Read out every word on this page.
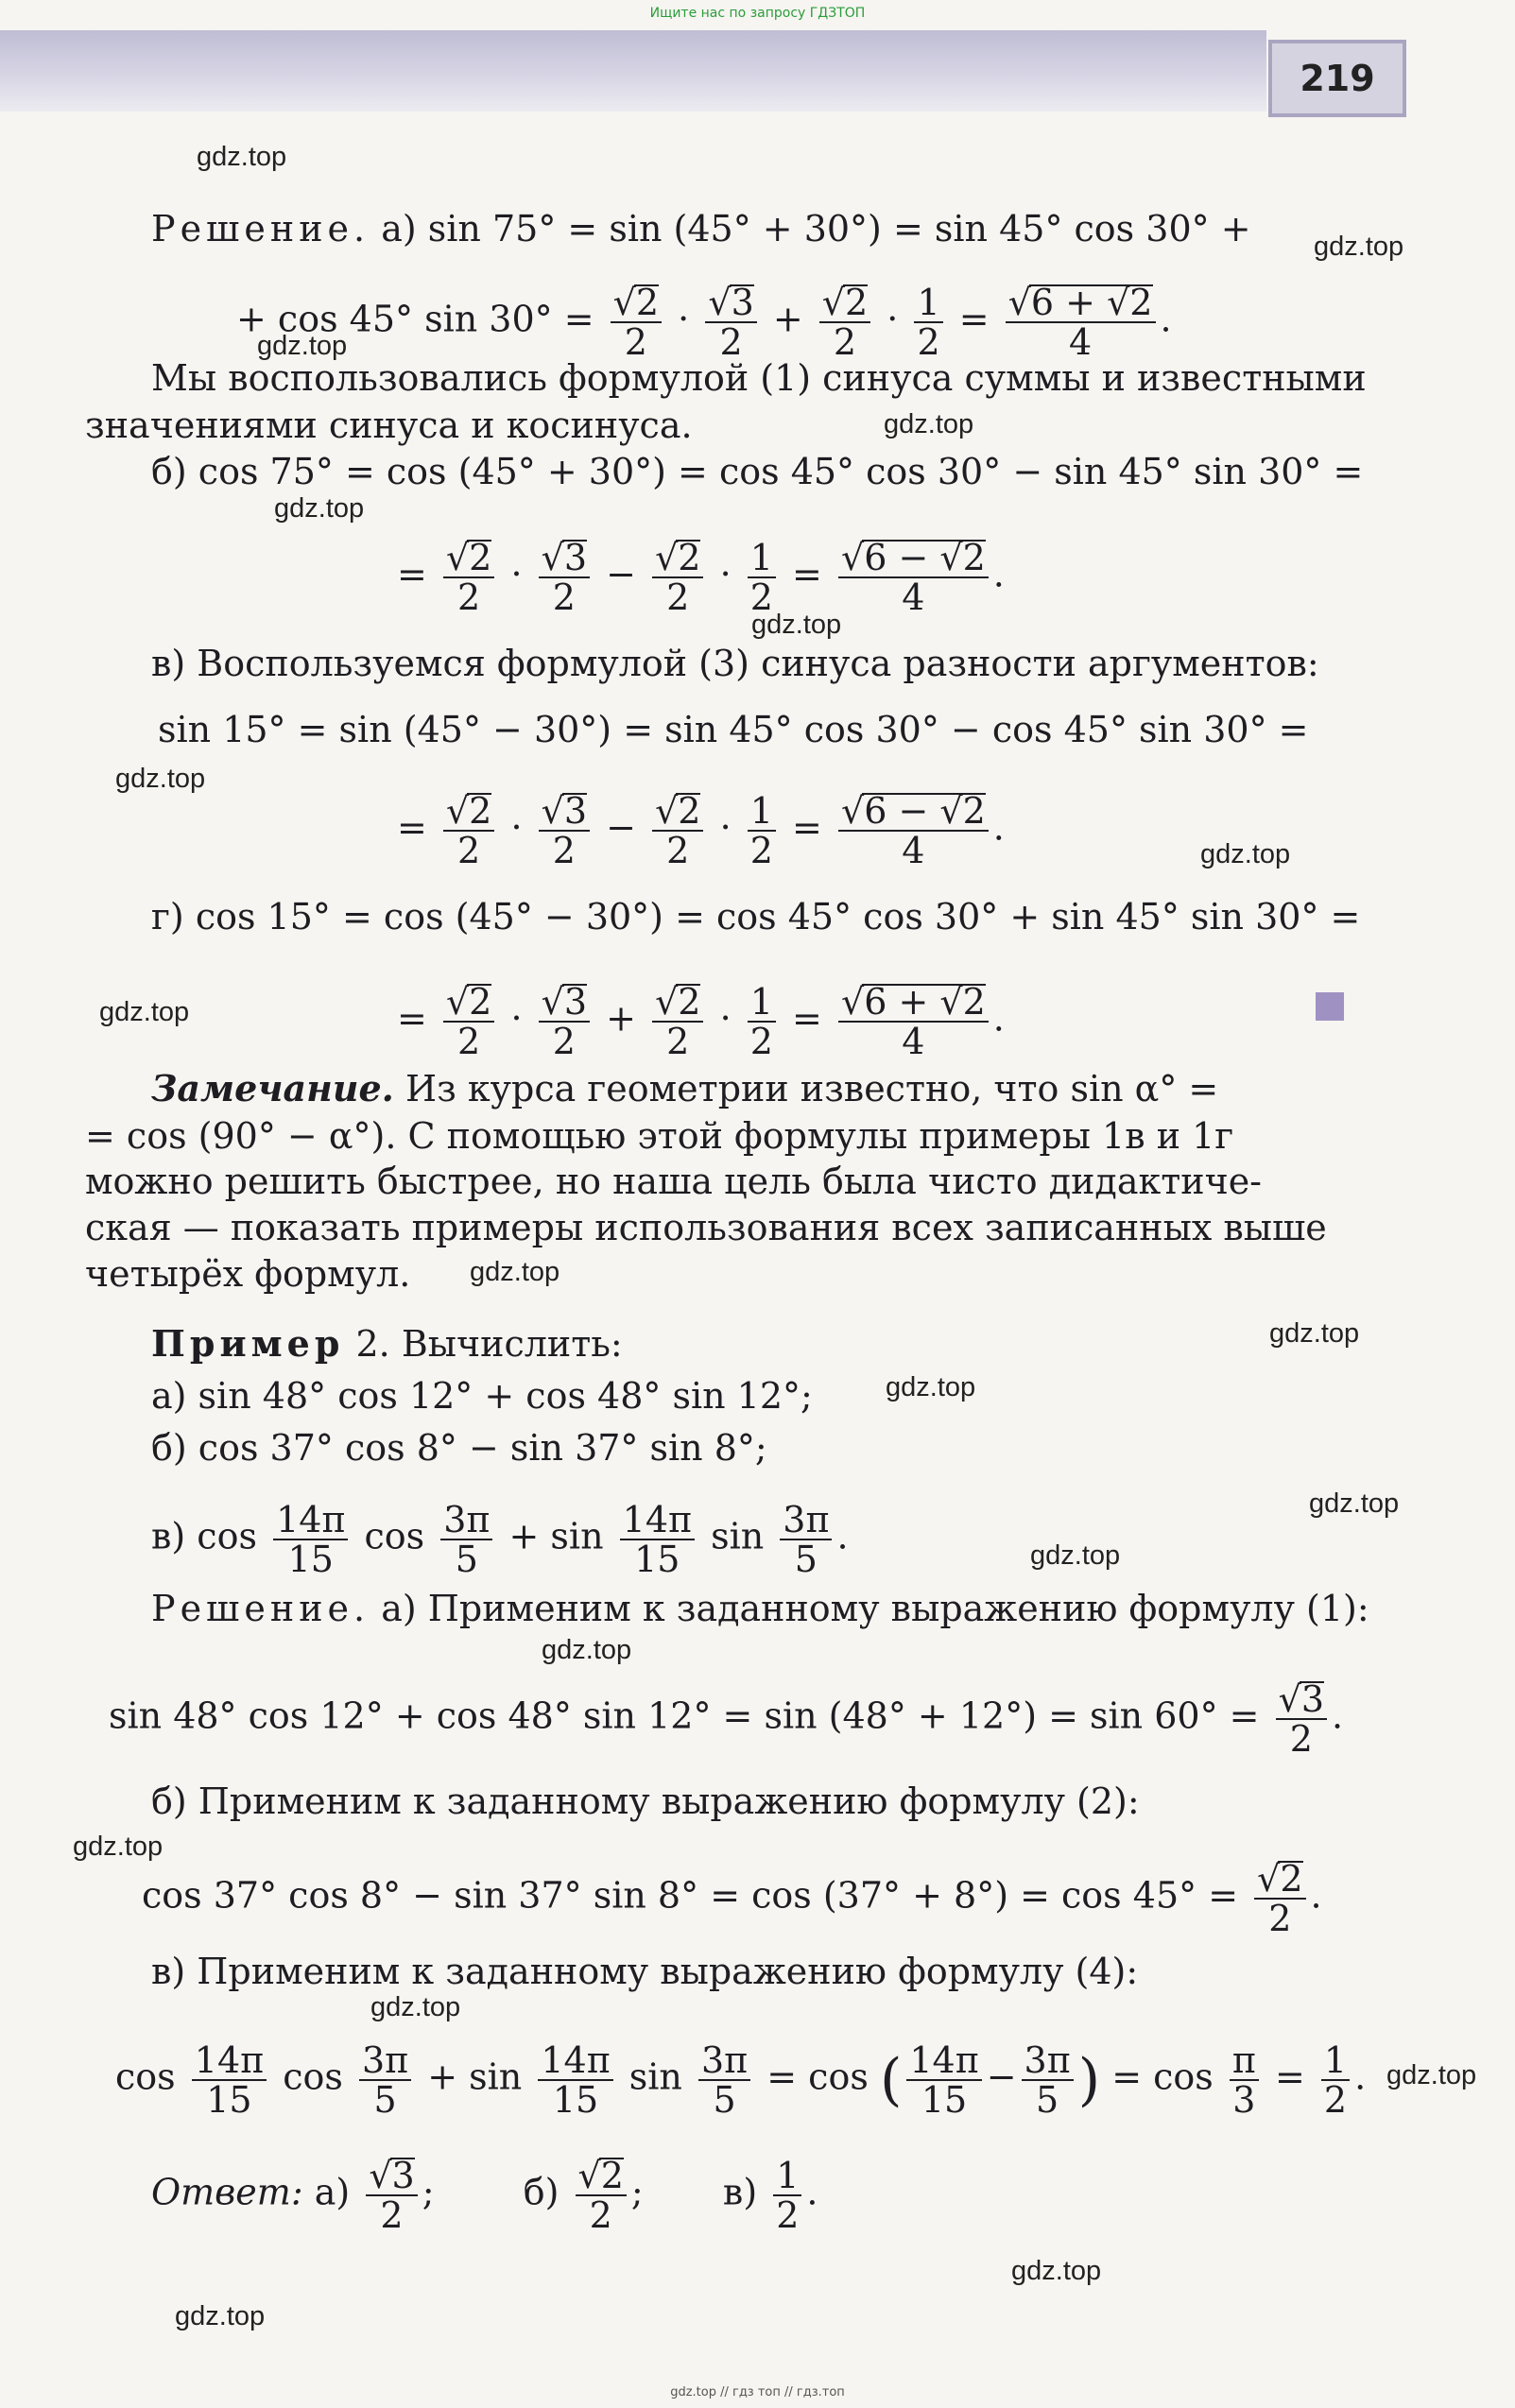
Ищите нас по запросу ГДЗТОП
219
gdz.top
gdz.top
gdz.top
gdz.top
gdz.top
gdz.top
gdz.top
gdz.top
gdz.top
gdz.top
gdz.top
gdz.top
gdz.top
gdz.top
gdz.top
gdz.top
gdz.top
gdz.top
gdz.top
gdz.top
Решение. а) sin 75° = sin (45° + 30°) = sin 45° cos 30° +
+ cos 45° $\sin 30^\circ = \frac{√2}{2} \cdot \frac{√3}{2} + \frac{√2}{2} \cdot \frac{1}{2} = \frac{√6 + √2}{4}$ .
Мы воспользовались формулой (1) синуса суммы и известными
значениями синуса и косинуса.
б) cos 75° = cos (45° + 30°) = cos 45° cos 30° − sin 45° sin 30° =
= $\frac{√2}{2} \cdot \frac{√3}{2} - \frac{√2}{2} \cdot \frac{1}{2} = \frac{√6 - √2}{4}$ .
в) Воспользуемся формулой (3) синуса разности аргументов:
sin 15° = sin (45° − 30°) = sin 45° cos 30° − cos 45° sin 30° =
= $\frac{√2}{2} \cdot \frac{√3}{2} - \frac{√2}{2} \cdot \frac{1}{2} = \frac{√6 - √2}{4}$ .
г) cos 15° = cos (45° − 30°) = cos 45° cos 30° + sin 45° sin 30° =
= $\frac{√2}{2} \cdot \frac{√3}{2} + \frac{√2}{2} \cdot \frac{1}{2} = \frac{√6 + √2}{4}$ .
Замечание. Из курса геометрии известно, что sin α° =
= cos (90° − α°). С помощью этой формулы примеры 1в и 1г
можно решить быстрее, но наша цель была чисто дидактиче-
ская — показать примеры использования всех записанных выше
четырёх формул.
Пример 2. Вычислить:
а) sin 48° cos 12° + cos 48° sin 12°;
б) cos 37° cos 8° − sin 37° sin 8°;
в) $\cos \frac{14\pi}{15}$ $\cos \frac{3\pi}{5} + \sin \frac{14\pi}{15}$ $\sin \frac{3\pi}{5}$ .
Решение. а) Применим к заданному выражению формулу (1):
sin 48° cos 12° + cos 48° $\sin 12^\circ = \sin (48^\circ + 12^\circ) = \sin 60^\circ = \frac{√3}{2}$ .
б) Применим к заданному выражению формулу (2):
cos 37° cos 8° − sin 37° $\sin 8^\circ = \cos (37^\circ + 8^\circ) = \cos 45^\circ = \frac{√2}{2}$ .
в) Применим к заданному выражению формулу (4):
$\cos \frac{14\pi}{15}$ $\cos \frac{3\pi}{5} + \sin \frac{14\pi}{15}$ $\sin \frac{3\pi}{5} = \cos$ ( $\frac{14\pi}{15} - \frac{3\pi}{5}$ ) = $\cos \frac{\pi}{3} = \frac{1}{2}$ .
Ответ: $а) \frac{√3}{2}$ ; $б) \frac{√2}{2}$ ; $в) \frac{1}{2}$ .
gdz.top // гдз топ // гдз.топ
